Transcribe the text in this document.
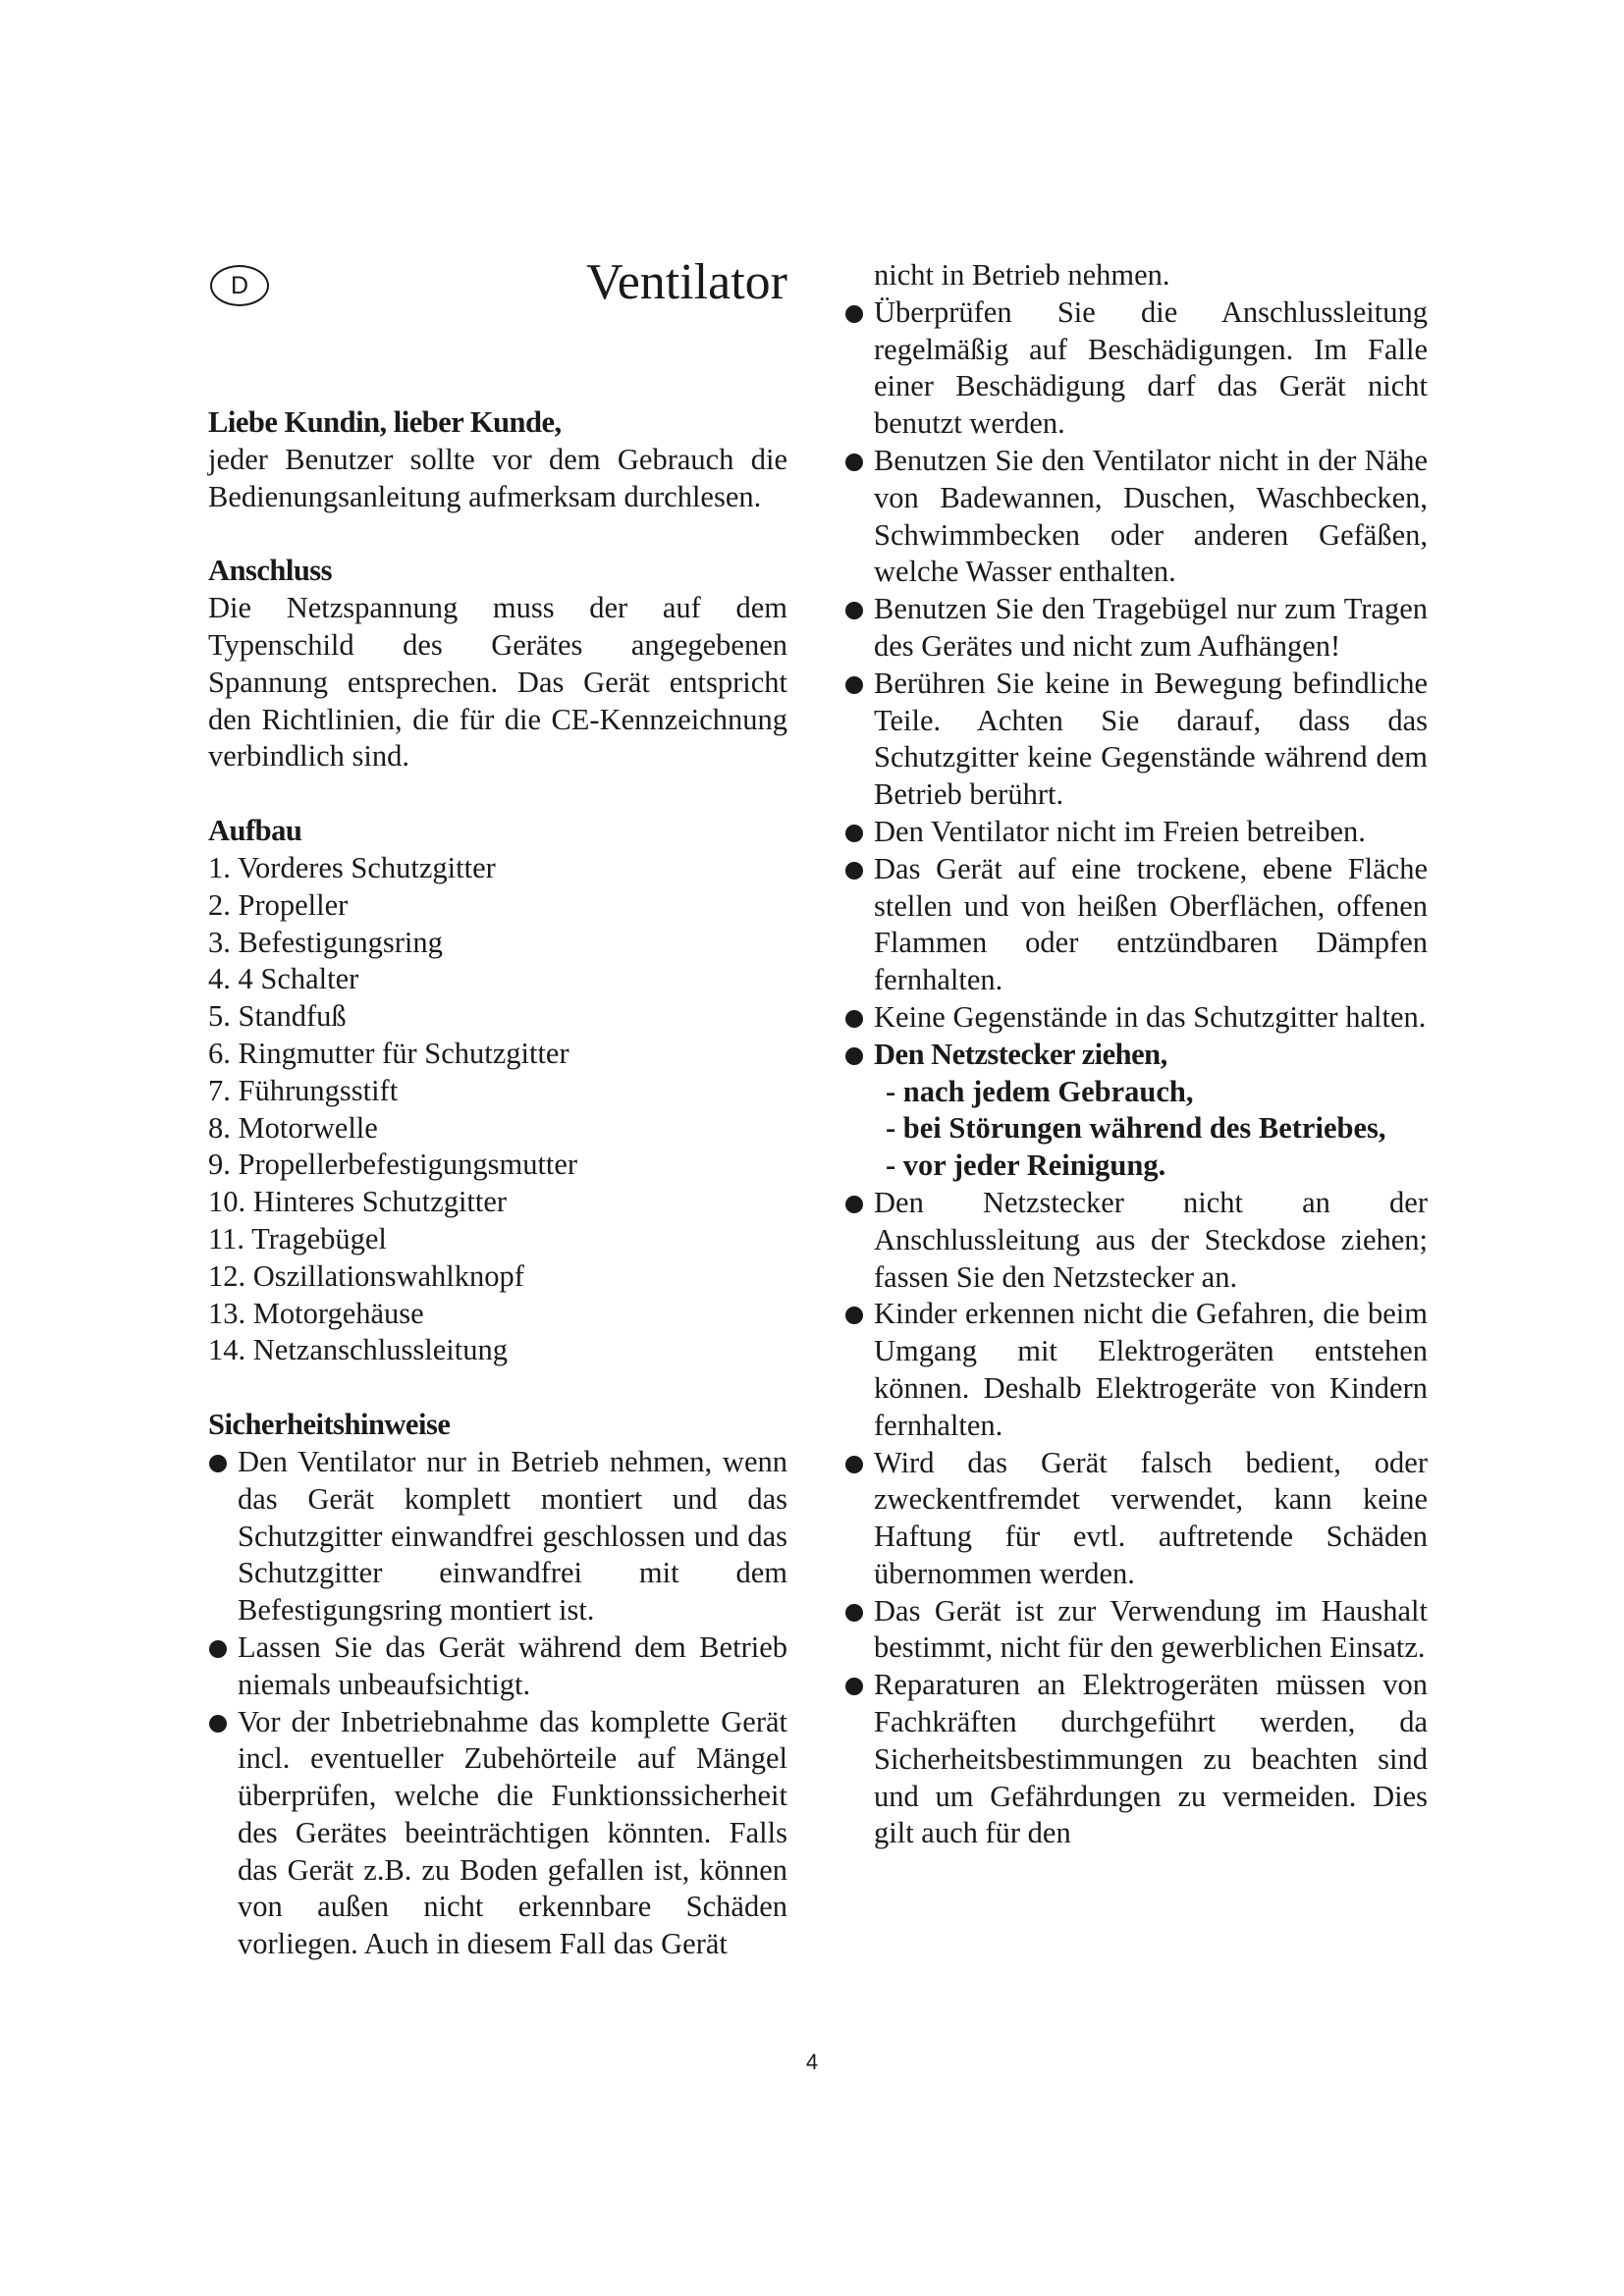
D	Ventilator
Liebe Kundin, lieber Kunde,
jeder Benutzer sollte vor dem Gebrauch die Bedienungsanleitung aufmerksam durchlesen.
Anschluss
Die Netzspannung muss der auf dem Typenschild des Gerätes angegebenen Spannung entsprechen. Das Gerät entspricht den Richtlinien, die für die CE-Kennzeichnung verbindlich sind.
Aufbau
1. Vorderes Schutzgitter
2. Propeller
3. Befestigungsring
4. 4 Schalter
5. Standfuß
6. Ringmutter für Schutzgitter
7. Führungsstift
8. Motorwelle
9. Propellerbefestigungsmutter
10. Hinteres Schutzgitter
11. Tragebügel
12. Oszillationswahlknopf
13. Motorgehäuse
14. Netzanschlussleitung
Sicherheitshinweise
Den Ventilator nur in Betrieb nehmen, wenn das Gerät komplett montiert und das Schutzgitter einwandfrei geschlossen und das Schutzgitter einwandfrei mit dem Befestigungsring montiert ist.
Lassen Sie das Gerät während dem Betrieb niemals unbeaufsichtigt.
Vor der Inbetriebnahme das komplette Gerät incl. eventueller Zubehörteile auf Mängel überprüfen, welche die Funktionssicherheit des Gerätes beeinträchtigen könnten. Falls das Gerät z.B. zu Boden gefallen ist, können von außen nicht erkennbare Schäden vorliegen. Auch in diesem Fall das Gerät
nicht in Betrieb nehmen.
Überprüfen Sie die Anschlussleitung regelmäßig auf Beschädigungen. Im Falle einer Beschädigung darf das Gerät nicht benutzt werden.
Benutzen Sie den Ventilator nicht in der Nähe von Badewannen, Duschen, Waschbecken, Schwimmbecken oder anderen Gefäßen, welche Wasser enthalten.
Benutzen Sie den Tragebügel nur zum Tragen des Gerätes und nicht zum Aufhängen!
Berühren Sie keine in Bewegung befindliche Teile. Achten Sie darauf, dass das Schutzgitter keine Gegenstände während dem Betrieb berührt.
Den Ventilator nicht im Freien betreiben.
Das Gerät auf eine trockene, ebene Fläche stellen und von heißen Oberflächen, offenen Flammen oder entzündbaren Dämpfen fernhalten.
Keine Gegenstände in das Schutzgitter halten.
Den Netzstecker ziehen,
- nach jedem Gebrauch,
- bei Störungen während des Betriebes,
- vor jeder Reinigung.
Den Netzstecker nicht an der Anschlussleitung aus der Steckdose ziehen; fassen Sie den Netzstecker an.
Kinder erkennen nicht die Gefahren, die beim Umgang mit Elektrogeräten entstehen können. Deshalb Elektrogeräte von Kindern fernhalten.
Wird das Gerät falsch bedient, oder zweckentfremdet verwendet, kann keine Haftung für evtl. auftretende Schäden übernommen werden.
Das Gerät ist zur Verwendung im Haushalt bestimmt, nicht für den gewerblichen Einsatz.
Reparaturen an Elektrogeräten müssen von Fachkräften durchgeführt werden, da Sicherheitsbestimmungen zu beachten sind und um Gefährdungen zu vermeiden. Dies gilt auch für den
4
